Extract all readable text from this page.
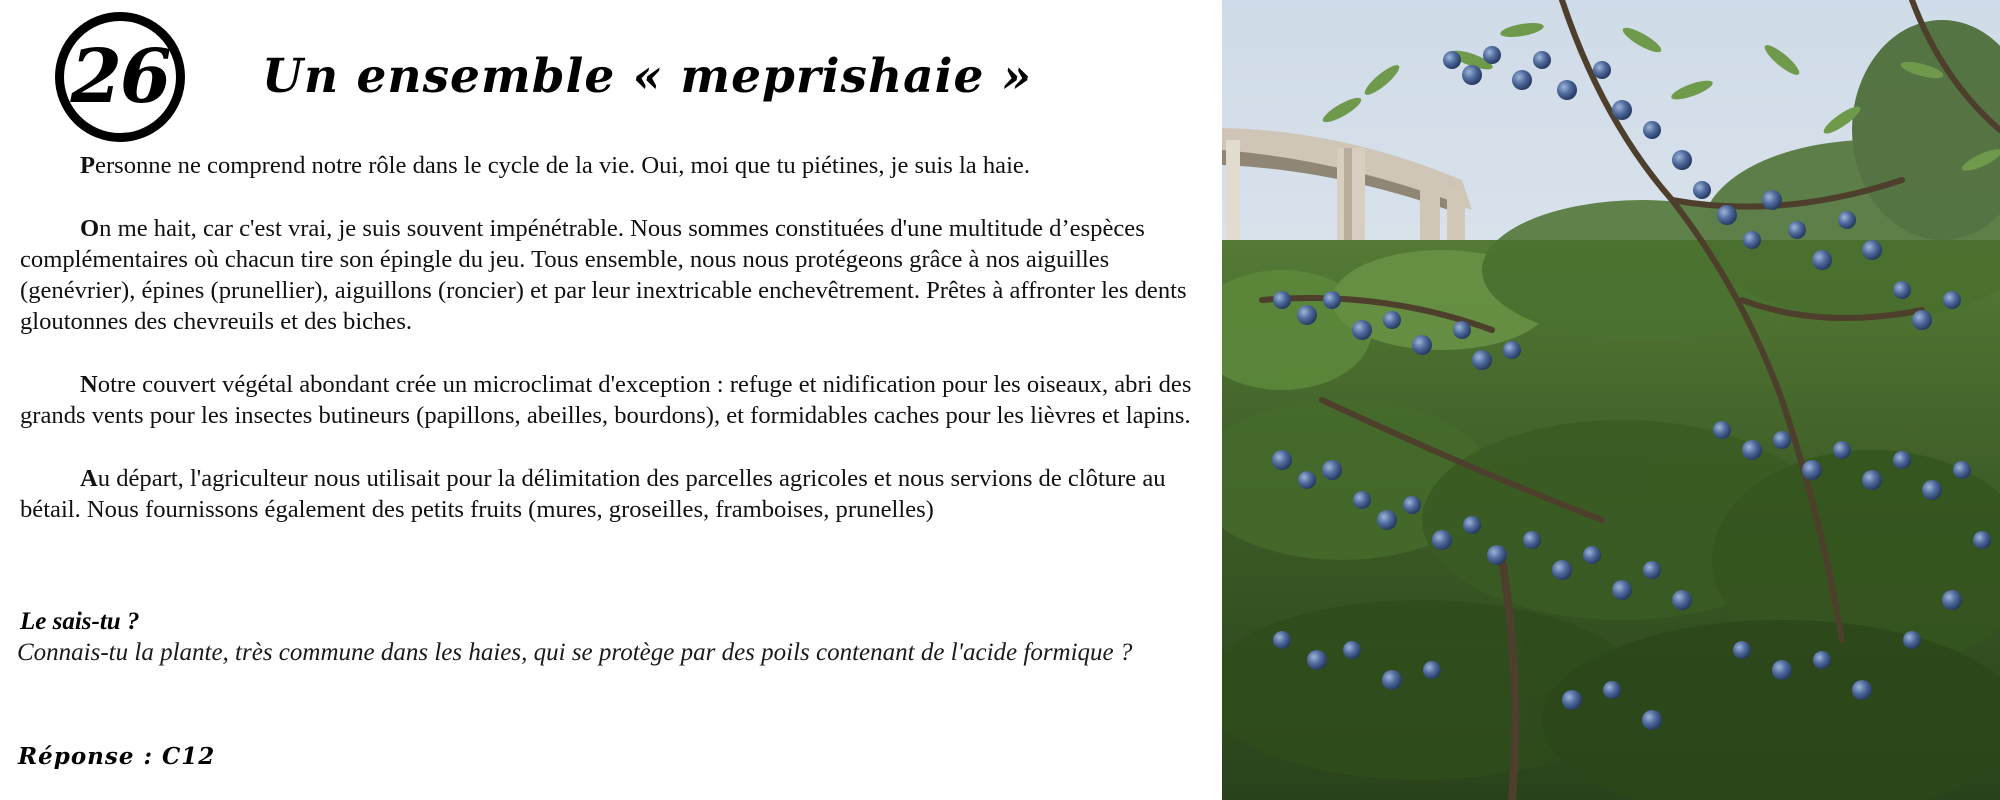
26 Un ensemble « meprishaie »

Personne ne comprend notre rôle dans le cycle de la vie. Oui, moi que tu piétines, je suis la haie.

On me hait, car c'est vrai, je suis souvent impénétrable. Nous sommes constituées d'une multitude d’espèces complémentaires où chacun tire son épingle du jeu. Tous ensemble, nous nous protégeons grâce à nos aiguilles (genévrier), épines (prunellier), aiguillons (roncier) et par leur inextricable enchevêtrement. Prêtes à affronter les dents gloutonnes des chevreuils et des biches.

Notre couvert végétal abondant crée un microclimat d'exception : refuge et nidification pour les oiseaux, abri des grands vents pour les insectes butineurs (papillons, abeilles, bourdons), et formidables caches pour les lièvres et lapins.

Au départ, l'agriculteur nous utilisait pour la délimitation des parcelles agricoles et nous servions de clôture au bétail. Nous fournissons également des petits fruits (mures, groseilles, framboises, prunelles)

Le sais-tu ?

Connais-tu la plante, très commune dans les haies, qui se protège par des poils contenant de l'acide formique ?

Réponse : C12
